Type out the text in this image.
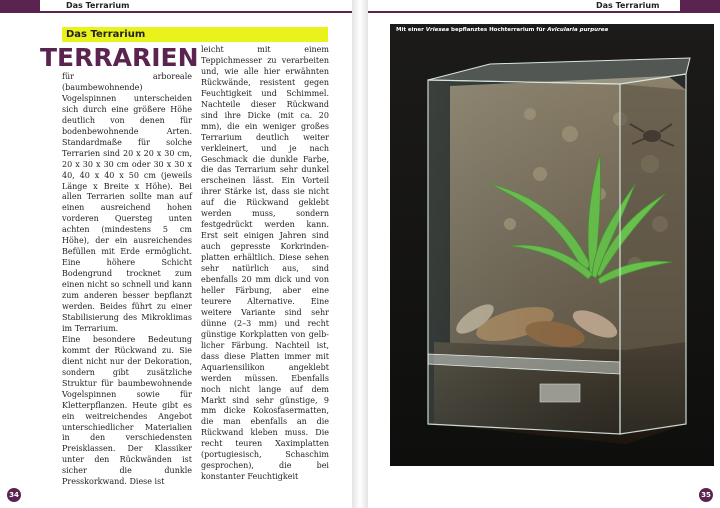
Das Terrarium
Das Terrarium
TERRARIEN

für arboreale (baumbewohnende) Vogelspinnen unterscheiden sich durch eine größere Höhe deutlich von denen für bodenbewohnende Arten. Standardmaße für solche Terrarien sind 20 x 20 x 30 cm, 20 x 30 x 30 cm oder 30 x 30 x 40, 40 x 40 x 50 cm (jeweils Länge x Breite x Höhe). Bei allen Terrarien sollte man auf einen ausreichend hohen vorderen Quersteg unten achten (mindestens 5 cm Höhe), der ein ausreichendes Befüllen mit Erde ermöglicht. Eine höhere Schicht Bodengrund trocknet zum einen nicht so schnell und kann zum anderen besser bepflanzt werden. Beides führt zu einer Stabilisierung des Mikroklimas im Terrarium.

Eine besondere Bedeutung kommt der Rückwand zu. Sie dient nicht nur der Dekoration, sondern gibt zusätzliche Struktur für baumbewohnende Vogelspinnen sowie für Kletterpflanzen. Heute gibt es ein weitreichendes Angebot unterschiedlicher Materialien in den verschiedensten Preisklassen. Der Klassiker unter den Rückwänden ist sicher die dunkle Presskorkwand. Diese ist

leicht mit einem Teppichmesser zu verarbeiten und, wie alle hier erwähnten Rückwände, resistent gegen Feuchtigkeit und Schimmel. Nachteile dieser Rückwand sind ihre Dicke (mit ca. 20 mm), die ein weniger großes Terrarium deutlich weiter verkleinert, und je nach Geschmack die dunkle Farbe, die das Terrarium sehr dunkel erscheinen lässt. Ein Vorteil ihrer Stärke ist, dass sie nicht auf die Rückwand geklebt werden muss, sondern festgedrückt werden kann. Erst seit einigen Jahren sind auch gepresste Korkrindenplatten erhältlich. Diese sehen sehr natürlich aus, sind ebenfalls 20 mm dick und von heller Färbung, aber eine teurere Alternative. Eine weitere Variante sind sehr dünne (2–3 mm) und recht günstige Korkplatten von gelblicher Färbung. Nachteil ist, dass diese Platten immer mit Aquariensilikon angeklebt werden müssen. Ebenfalls noch nicht lange auf dem Markt sind sehr günstige, 9 mm dicke Kokosfasermatten, die man ebenfalls an die Rückwand kleben muss. Die recht teuren Xaximplatten (portugiesisch, Schaschim gesprochen), die bei konstanter Feuchtigkeit

34
Das Terrarium
Mit einer Vriesea bepflanztes Hochterrarium für Avicularia purpurea
35
